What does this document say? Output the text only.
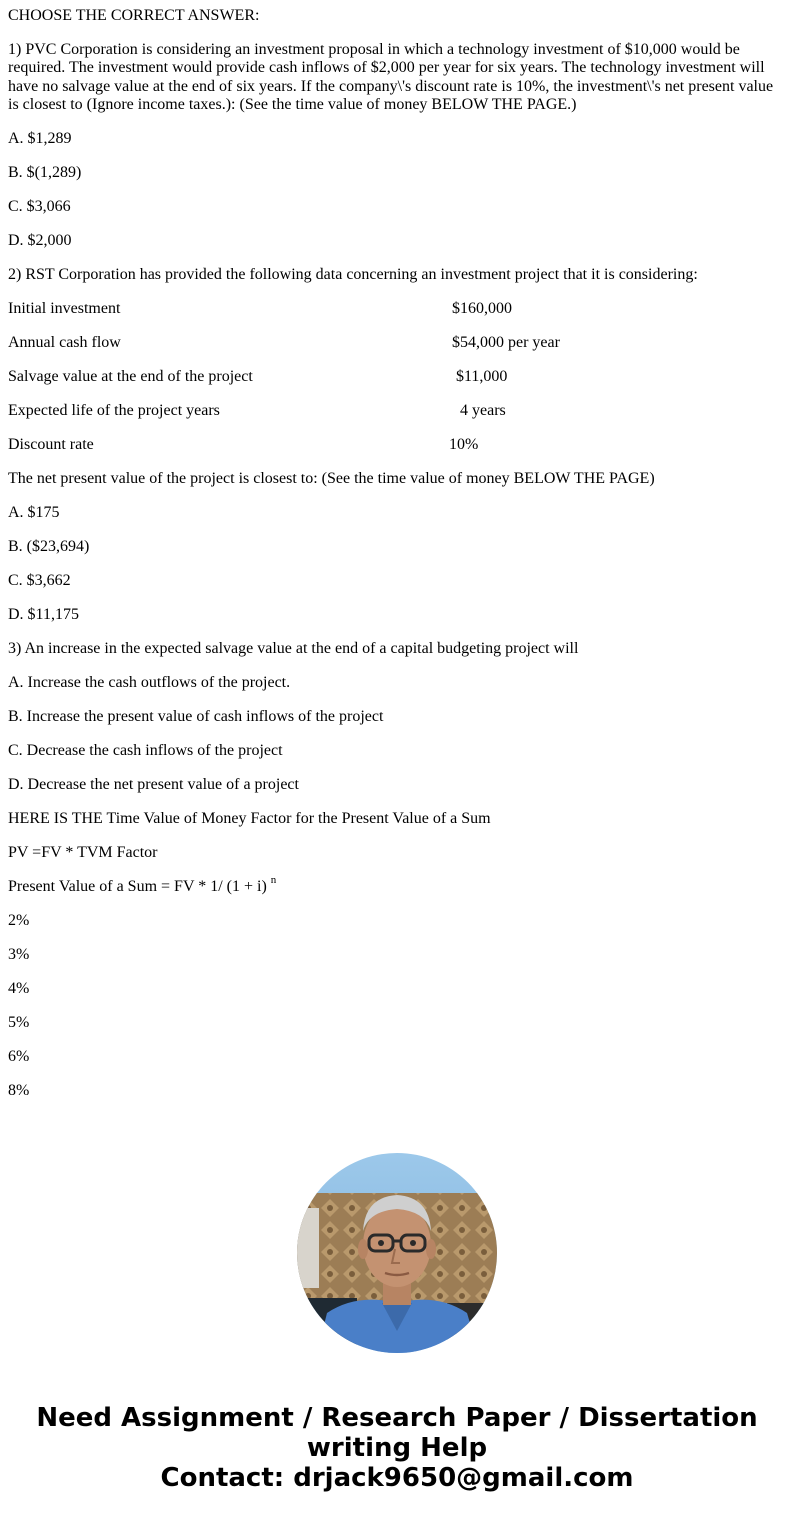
CHOOSE THE CORRECT ANSWER:

1) PVC Corporation is considering an investment proposal in which a technology investment of $10,000 would be required. The investment would provide cash inflows of $2,000 per year for six years. The technology investment will have no salvage value at the end of six years. If the company\'s discount rate is 10%, the investment\'s net present value is closest to (Ignore income taxes.): (See the time value of money BELOW THE PAGE.)

A. $1,289

B. $(1,289)

C. $3,066

D. $2,000

2) RST Corporation has provided the following data concerning an investment project that it is considering:

Initial investment	$160,000
Annual cash flow	$54,000 per year
Salvage value at the end of the project	$11,000
Expected life of the project years	4 years
Discount rate	10%

The net present value of the project is closest to: (See the time value of money BELOW THE PAGE)

A. $175

B. ($23,694)

C. $3,662

D. $11,175

3) An increase in the expected salvage value at the end of a capital budgeting project will

A. Increase the cash outflows of the project.

B. Increase the present value of cash inflows of the project

C. Decrease the cash inflows of the project

D. Decrease the net present value of a project

HERE IS THE Time Value of Money Factor for the Present Value of a Sum

PV =FV * TVM Factor

Present Value of a Sum = FV * 1/ (1 + i) $^n$

2%

3%

4%

5%

6%

8%

Need Assignment / Research Paper / Dissertation
writing Help
Contact: drjack9650@gmail.com
